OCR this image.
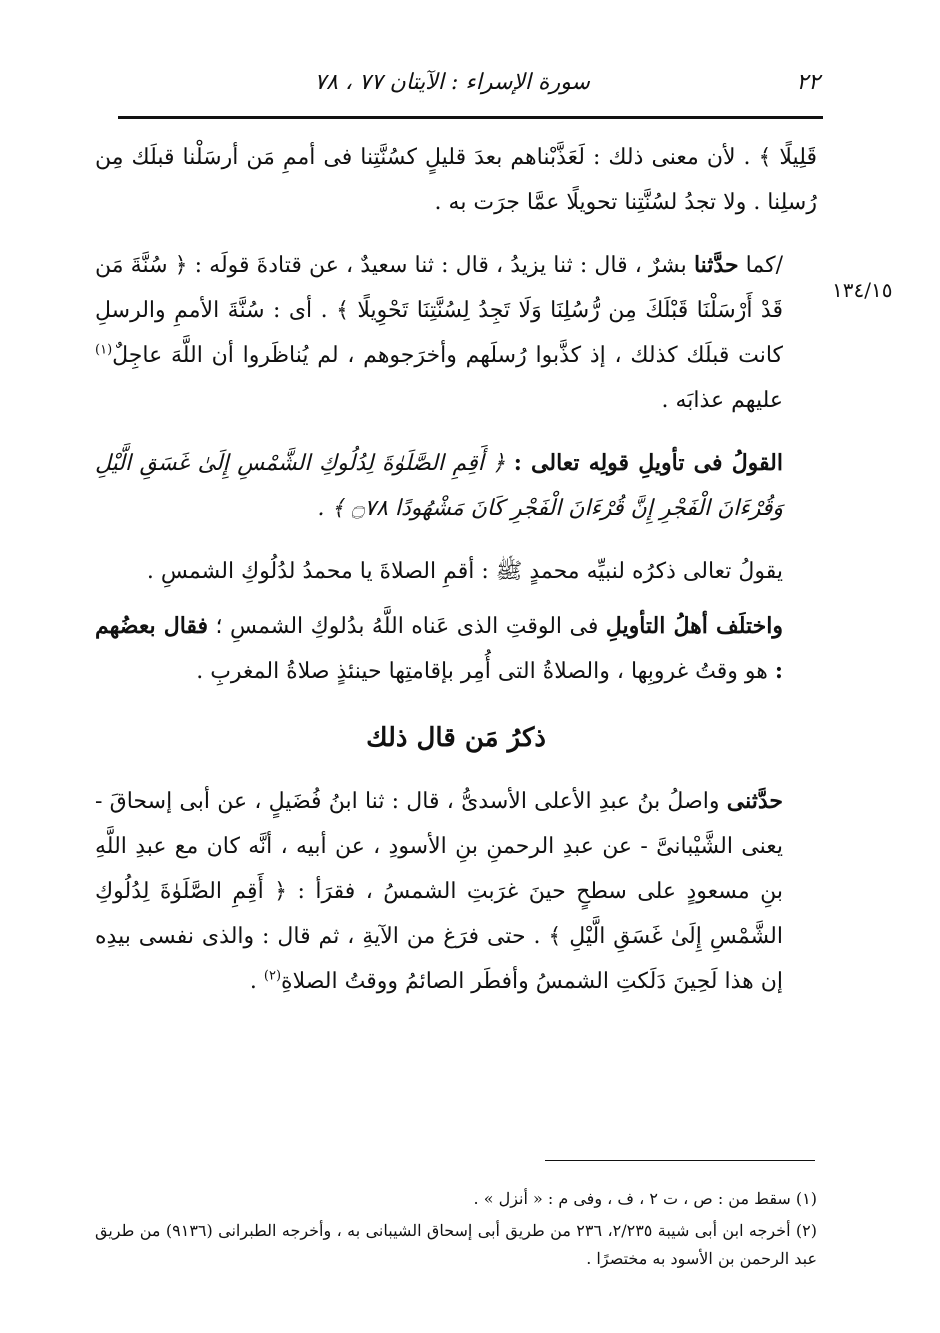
٢٢
سورة الإسراء : الآيتان ٧٧ ، ٧٨
١٣٤/١٥

قَلِيلًا ﴾ . لأن معنى ذلك : لَعَذَّبْناهم بعدَ قليلٍ كسُنَّتِنا فى أممِ مَن أرسَلْنا قبلَك مِن رُسلِنا . ولا تجدُ لسُنَّتِنا تحويلًا عمَّا جرَت به .

/كما حدَّثنا بشرٌ ، قال : ثنا يزيدُ ، قال : ثنا سعيدٌ ، عن قتادةَ قولَه : ﴿ سُنَّةَ مَن قَدْ أَرْسَلْنَا قَبْلَكَ مِن رُّسُلِنَا وَلَا تَجِدُ لِسُنَّتِنَا تَحْوِيلًا ﴾ . أى : سُنَّةَ الأممِ والرسلِ كانت قبلَك كذلك ، إذ كذَّبوا رُسلَهم وأخرَجوهم ، لم يُناظَروا أن اللَّهَ عاجِلٌ$^{(١)}$ عليهم عذابَه .

القولُ فى تأويلِ قولِه تعالى : ﴿ أَقِمِ الصَّلَوٰةَ لِدُلُوكِ الشَّمْسِ إِلَىٰ غَسَقِ الَّيْلِ وَقُرْءَانَ الْفَجْرِ إِنَّ قُرْءَانَ الْفَجْرِ كَانَ مَشْهُودًا ۝٧٨ ﴾ .

يقولُ تعالى ذكرُه لنبيِّه محمدٍ ﷺ : أقمِ الصلاةَ يا محمدُ لدُلُوكِ الشمسِ .

واختلَف أهلُ التأويلِ فى الوقتِ الذى عَناه اللَّهُ بدُلوكِ الشمسِ ؛ فقال بعضُهم : هو وقتُ غروبِها ، والصلاةُ التى أُمِر بإقامتِها حينئذٍ صلاةُ المغربِ .

ذكرُ مَن قال ذلك

حدَّثنى واصلُ بنُ عبدِ الأعلى الأسدىُّ ، قال : ثنا ابنُ فُضَيلٍ ، عن أبى إسحاقَ - يعنى الشَّيْبانىَّ - عن عبدِ الرحمنِ بنِ الأسودِ ، عن أبيه ، أنَّه كان مع عبدِ اللَّهِ بنِ مسعودٍ على سطحٍ حينَ غرَبتِ الشمسُ ، فقرَأ : ﴿ أَقِمِ الصَّلَوٰةَ لِدُلُوكِ الشَّمْسِ إِلَىٰ غَسَقِ الَّيْلِ ﴾ . حتى فرَغ من الآيةِ ، ثم قال : والذى نفسى بيدِه إن هذا لَحِينَ دَلَكتِ الشمسُ وأفطَر الصائمُ ووقتُ الصلاةِ$^{(٢)}$ .

(١) سقط من : ص ، ت ٢ ، ف ، وفى م : « أنزل » .

(٢) أخرجه ابن أبى شيبة ٢/٢٣٥، ٢٣٦ من طريق أبى إسحاق الشيبانى به ، وأخرجه الطبرانى (٩١٣٦) من طريق عبد الرحمن بن الأسود به مختصرًا .
